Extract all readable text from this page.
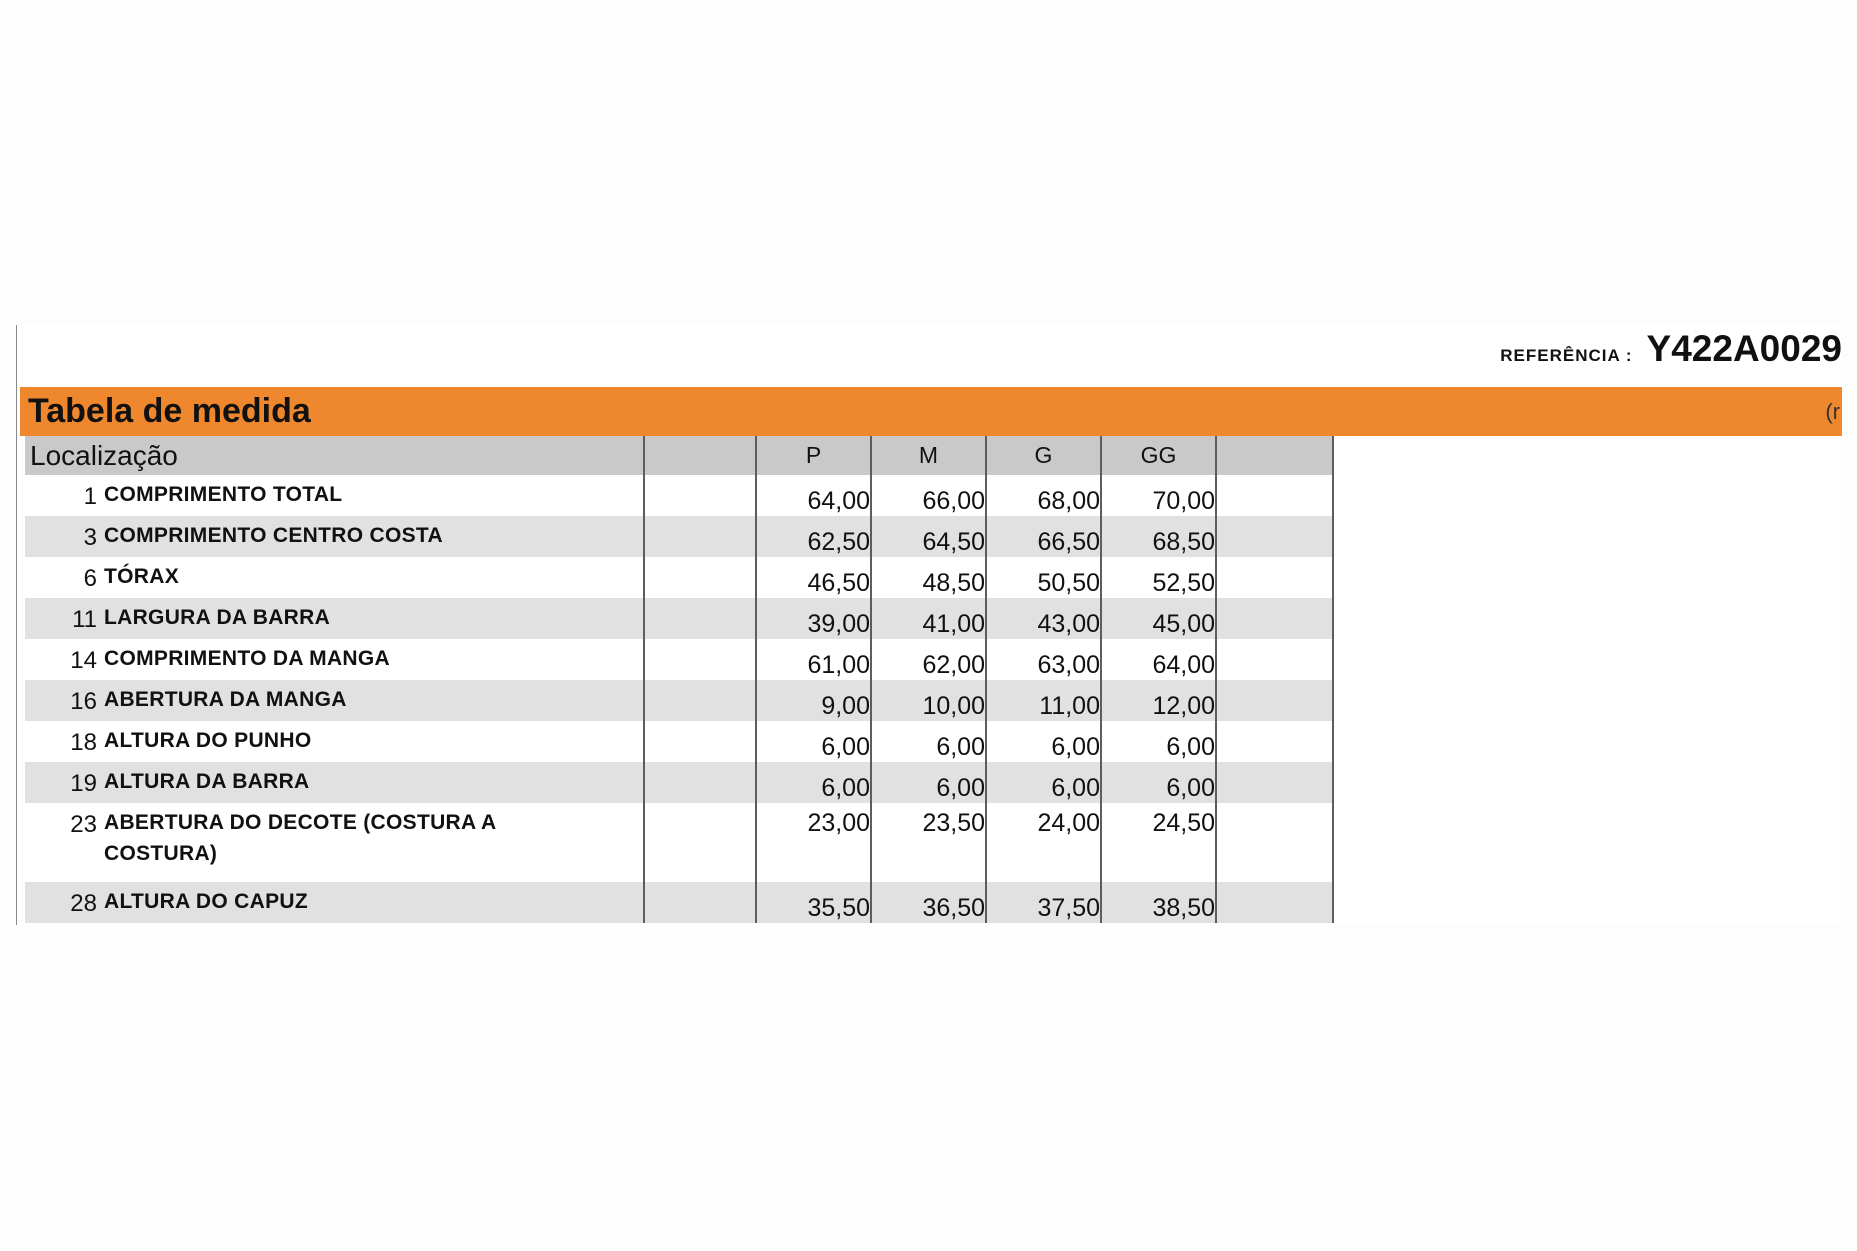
REFERÊNCIA : Y422A0029
Tabela de medida	(r
Localização		P	M	G	GG	

1 COMPRIMENTO TOTAL		64,00	66,00	68,00	70,00	

3 COMPRIMENTO CENTRO COSTA		62,50	64,50	66,50	68,50	

6 TÓRAX		46,50	48,50	50,50	52,50	

11 LARGURA DA BARRA		39,00	41,00	43,00	45,00	

14 COMPRIMENTO DA MANGA		61,00	62,00	63,00	64,00	

16 ABERTURA DA MANGA		9,00	10,00	11,00	12,00	

18 ALTURA DO PUNHO		6,00	6,00	6,00	6,00	

19 ALTURA DA BARRA		6,00	6,00	6,00	6,00	

23 ABERTURA DO DECOTE (COSTURA A COSTURA)		23,00	23,50	24,00	24,50	

28 ALTURA DO CAPUZ		35,50	36,50	37,50	38,50	
